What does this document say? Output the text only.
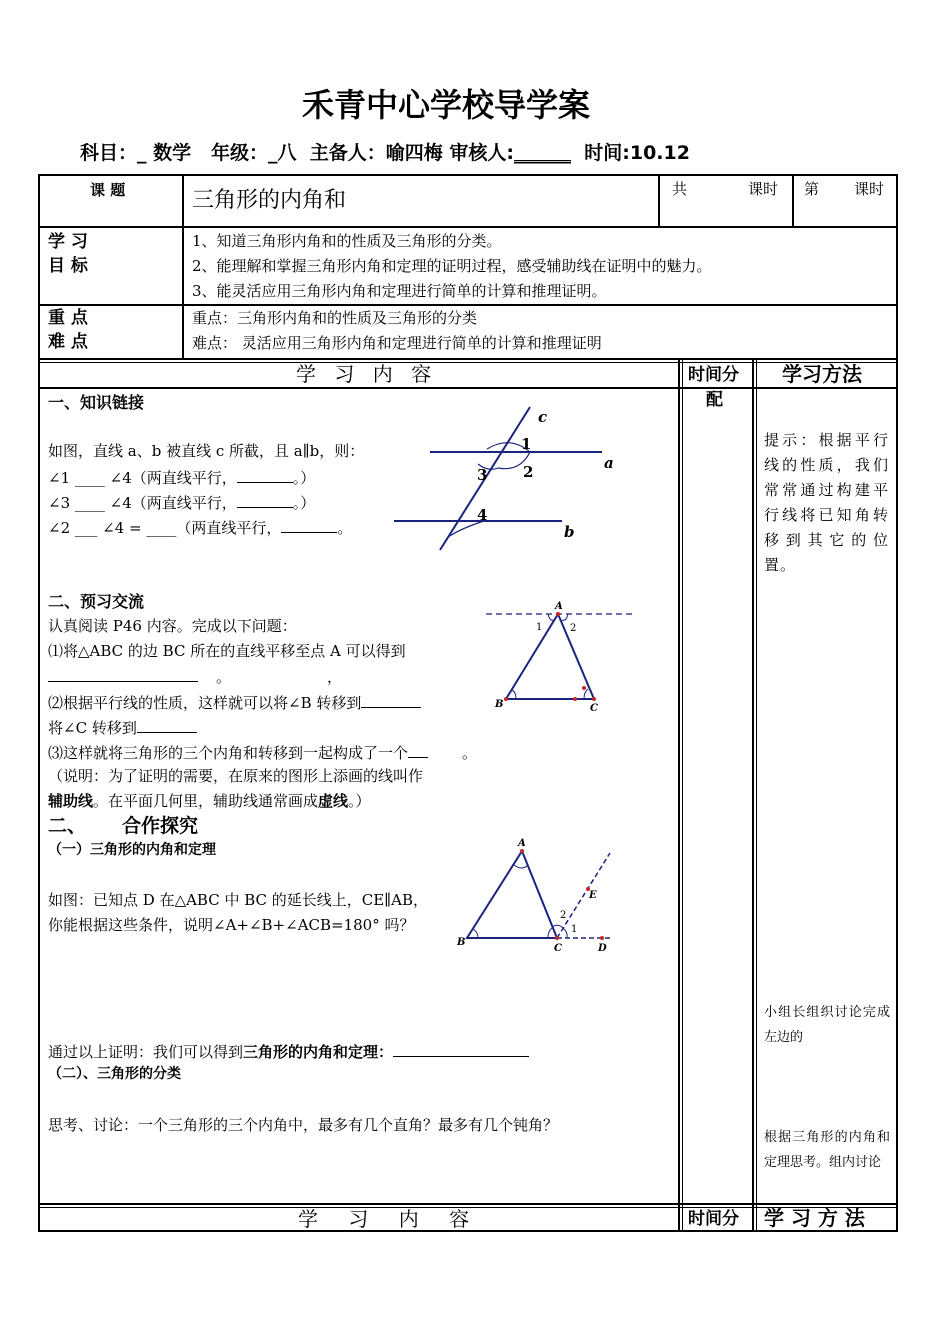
禾青中心学校导学案
科目：_ 数学 年级：_八 主备人：喻四梅 审核人:______ 时间:10.12
课 题	三角形的内角和	共	课时 第 课时
学 习
目 标
1、知道三角形内角和的性质及三角形的分类。
2、能理解和掌握三角形内角和定理的证明过程，感受辅助线在证明中的魅力。
3、能灵活应用三角形内角和定理进行简单的计算和推理证明。
重 点
难 点
重点：三角形内角和的性质及三角形的分类
难点： 灵活应用三角形内角和定理进行简单的计算和推理证明
学 习 内 容	时间分
配
学习方法
一、知识链接
如图，直线 a、b 被直线 c 所截，且 a∥b，则：
∠1 ____ ∠4（两直线平行，	。）
∠3 ____ ∠4（两直线平行，	。）
∠2 ___ ∠4 = ____（两直线平行，	。
c
a
b
1
2
3
4
二、预习交流
认真阅读 P46 内容。完成以下问题：
⑴将△ABC 的边 BC 所在的直线平移至点 A 可以得到
。	，
⑵根据平行线的性质，这样就可以将∠B 转移到
将∠C 转移到
⑶这样就将三角形的三个内角和转移到一起构成了一个	。
（说明：为了证明的需要，在原来的图形上添画的线叫作
辅助线。在平面几何里，辅助线通常画成虚线。）
A
B	C
1	2
二、 合作探究
（一）三角形的内角和定理
如图：已知点 D 在△ABC 中 BC 的延长线上，CE∥AB，
你能根据这些条件，说明∠A+∠B+∠ACB=180° 吗？
A
B
C	D
E
2
1
通过以上证明：我们可以得到三角形的内角和定理：
（二）、三角形的分类
思考、讨论：一个三角形的三个内角中，最多有几个直角？最多有几个钝角？
提示：根据平行线的性质，我们常常通过构建平行线将已知角转移到其它的位置。
小组长组织讨论完成左边的
根据三角形的内角和定理思考。组内讨论
学 习 内 容	时间分 学 习 方 法
